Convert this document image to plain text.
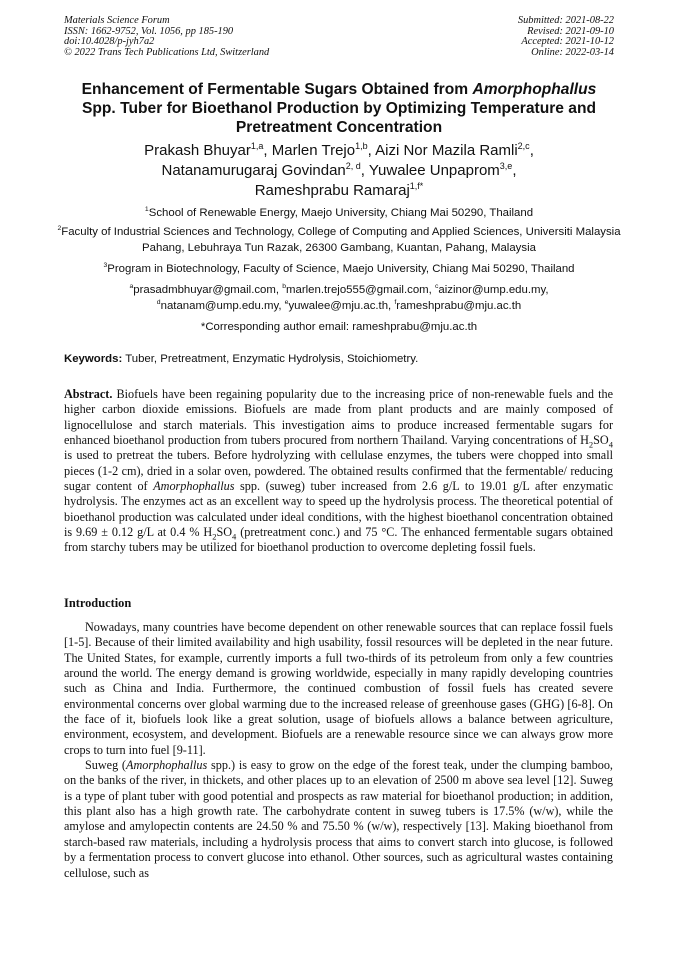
Materials Science Forum
ISSN: 1662-9752, Vol. 1056, pp 185-190
doi:10.4028/p-jyh7a2
© 2022 Trans Tech Publications Ltd, Switzerland
Submitted: 2021-08-22
Revised: 2021-09-10
Accepted: 2021-10-12
Online: 2022-03-14
Enhancement of Fermentable Sugars Obtained from Amorphophallus
Spp. Tuber for Bioethanol Production by Optimizing Temperature and Pretreatment Concentration
Prakash Bhuyar$^{1,a}$, Marlen Trejo$^{1,b}$, Aizi Nor Mazila Ramli$^{2,c}$,
Natanamurugaraj Govindan$^{2, d}$, Yuwalee Unpaprom$^{3,e}$,
Rameshprabu Ramaraj$^{1,f*}$
$^1$School of Renewable Energy, Maejo University, Chiang Mai 50290, Thailand
$^2$Faculty of Industrial Sciences and Technology, College of Computing and Applied Sciences, Universiti Malaysia Pahang, Lebuhraya Tun Razak, 26300 Gambang, Kuantan, Pahang, Malaysia
$^3$Program in Biotechnology, Faculty of Science, Maejo University, Chiang Mai 50290, Thailand
$^a$prasadmbhuyar@gmail.com, $^b$marlen.trejo555@gmail.com, $^c$aizinor@ump.edu.my,
$^d$natanam@ump.edu.my, $^e$yuwalee@mju.ac.th, $^f$rameshprabu@mju.ac.th
*Corresponding author email: rameshprabu@mju.ac.th
Keywords: Tuber, Pretreatment, Enzymatic Hydrolysis, Stoichiometry.

Abstract. Biofuels have been regaining popularity due to the increasing price of non-renewable fuels and the higher carbon dioxide emissions. Biofuels are made from plant products and are mainly composed of lignocellulose and starch materials. This investigation aims to produce increased fermentable sugars for enhanced bioethanol production from tubers procured from northern Thailand. Varying concentrations of $H_2SO_4$ is used to pretreat the tubers. Before hydrolyzing with cellulase enzymes, the tubers were chopped into small pieces (1-2 cm), dried in a solar oven, powdered. The obtained results confirmed that the fermentable/ reducing sugar content of Amorphophallus spp. (suweg) tuber increased from 2.6 g/L to 19.01 g/L after enzymatic hydrolysis. The enzymes act as an excellent way to speed up the hydrolysis process. The theoretical potential of bioethanol production was calculated under ideal conditions, with the highest bioethanol concentration obtained is 9.69 ± 0.12 g/L at 0.4 % $H_2SO_4$ (pretreatment conc.) and 75 °C. The enhanced fermentable sugars obtained from starchy tubers may be utilized for bioethanol production to overcome depleting fossil fuels.

Introduction

Nowadays, many countries have become dependent on other renewable sources that can replace fossil fuels [1-5]. Because of their limited availability and high usability, fossil resources will be depleted in the near future. The United States, for example, currently imports a full two-thirds of its petroleum from only a few countries around the world. The energy demand is growing worldwide, especially in many rapidly developing countries such as China and India. Furthermore, the continued combustion of fossil fuels has created severe environmental concerns over global warming due to the increased release of greenhouse gases (GHG) [6-8]. On the face of it, biofuels look like a great solution, usage of biofuels allows a balance between agriculture, environment, ecosystem, and development. Biofuels are a renewable resource since we can always grow more crops to turn into fuel [9-11].

Suweg (Amorphophallus spp.) is easy to grow on the edge of the forest teak, under the clumping bamboo, on the banks of the river, in thickets, and other places up to an elevation of 2500 m above sea level [12]. Suweg is a type of plant tuber with good potential and prospects as raw material for bioethanol production; in addition, this plant also has a high growth rate. The carbohydrate content in suweg tubers is 17.5% (w/w), while the amylose and amylopectin contents are 24.50 % and 75.50 % (w/w), respectively [13]. Making bioethanol from starch-based raw materials, including a hydrolysis process that aims to convert starch into glucose, is followed by a fermentation process to convert glucose into ethanol. Other sources, such as agricultural wastes containing cellulose, such as
